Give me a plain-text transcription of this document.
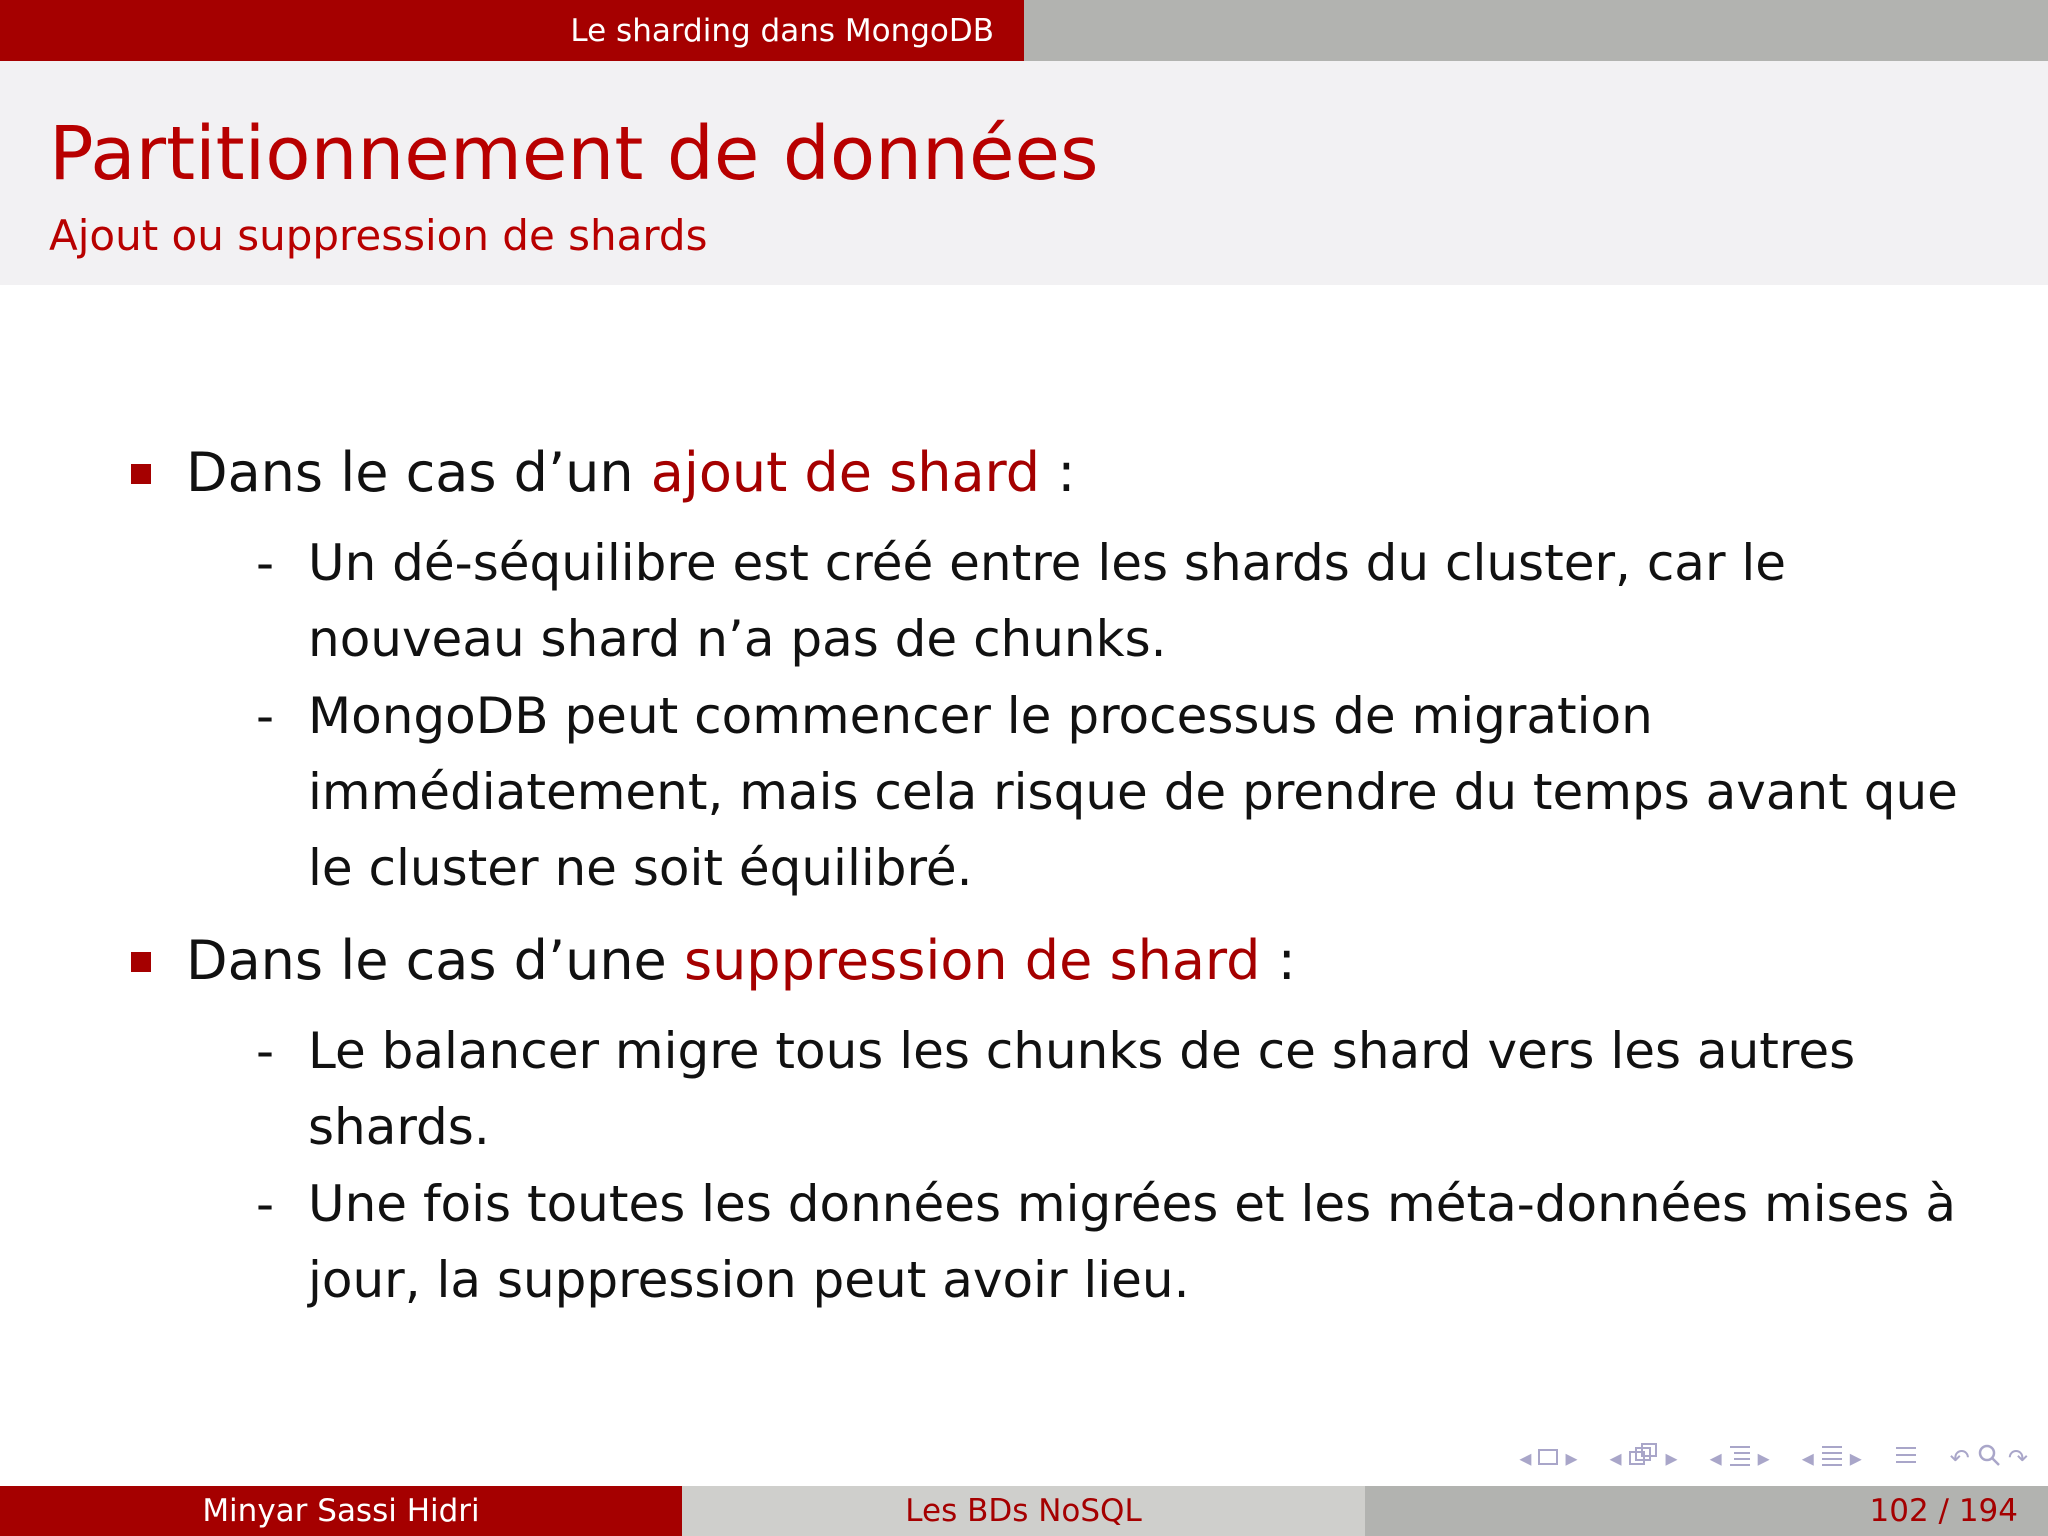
Le sharding dans MongoDB
Partitionnement de données
Ajout ou suppression de shards
Dans le cas d’un ajout de shard :
- Un dé-séquilibre est créé entre les shards du cluster, car le nouveau shard n’a pas de chunks.
- MongoDB peut commencer le processus de migration immédiatement, mais cela risque de prendre du temps avant que le cluster ne soit équilibré.
Dans le cas d’une suppression de shard :
- Le balancer migre tous les chunks de ce shard vers les autres shards.
- Une fois toutes les données migrées et les méta-données mises à jour, la suppression peut avoir lieu.
◂ ▸ ◂ ▸ ◂ ▸ ◂ ▸	↶ ↷
Minyar Sassi Hidri	Les BDs NoSQL	102 / 194
